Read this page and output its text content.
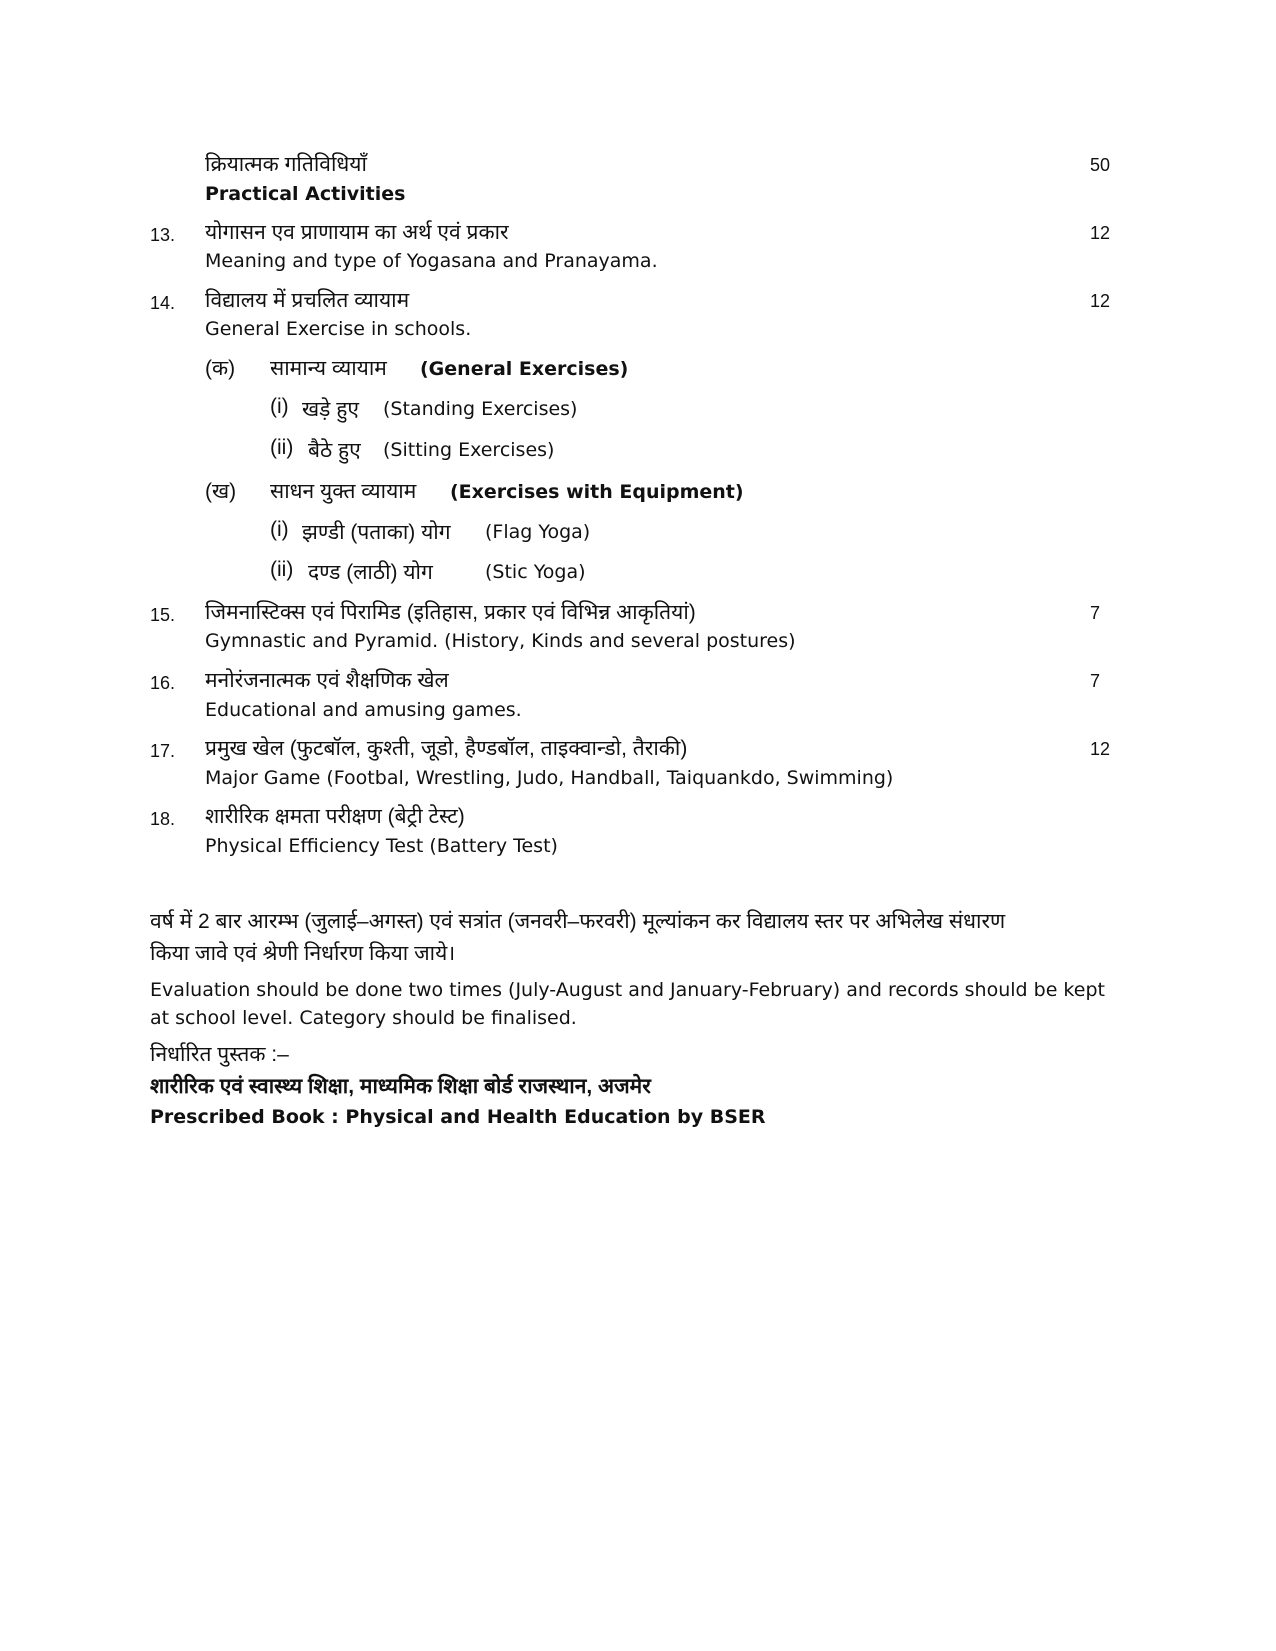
क्रियात्मक गतिविधियाँ	50
Practical Activities
13. योगासन एव प्राणायाम का अर्थ एवं प्रकार	12
Meaning and type of Yogasana and Pranayama.
14. विद्यालय में प्रचलित व्यायाम	12
General Exercise in schools.
(क) सामान्य व्यायाम (General Exercises)
(i) खड़े हुए (Standing Exercises)
(ii) बैठे हुए (Sitting Exercises)
(ख) साधन युक्त व्यायाम (Exercises with Equipment)
(i) झण्डी (पताका) योग (Flag Yoga)
(ii) दण्ड (लाठी) योग	(Stic Yoga)
15. जिमनास्टिक्स एवं पिरामिड (इतिहास, प्रकार एवं विभिन्न आकृतियां)	7
Gymnastic and Pyramid. (History, Kinds and several postures)
16. मनोरंजनात्मक एवं शैक्षणिक खेल	7
Educational and amusing games.
17. प्रमुख खेल (फुटबॉल, कुश्ती, जूडो, हैण्डबॉल, ताइक्वान्डो, तैराकी)	12
Major Game (Footbal, Wrestling, Judo, Handball, Taiquankdo, Swimming)
18. शारीरिक क्षमता परीक्षण (बेट्री टेस्ट)
Physical Efficiency Test (Battery Test)
वर्ष में 2 बार आरम्भ (जुलाई–अगस्त) एवं सत्रांत (जनवरी–फरवरी) मूल्यांकन कर विद्यालय स्तर पर अभिलेख संधारण किया जावे एवं श्रेणी निर्धारण किया जाये।
Evaluation should be done two times (July-August and January-February) and records should be kept at school level. Category should be finalised.
निर्धारित पुस्तक :–
शारीरिक एवं स्वास्थ्य शिक्षा, माध्यमिक शिक्षा बोर्ड राजस्थान, अजमेर
Prescribed Book : Physical and Health Education by BSER
